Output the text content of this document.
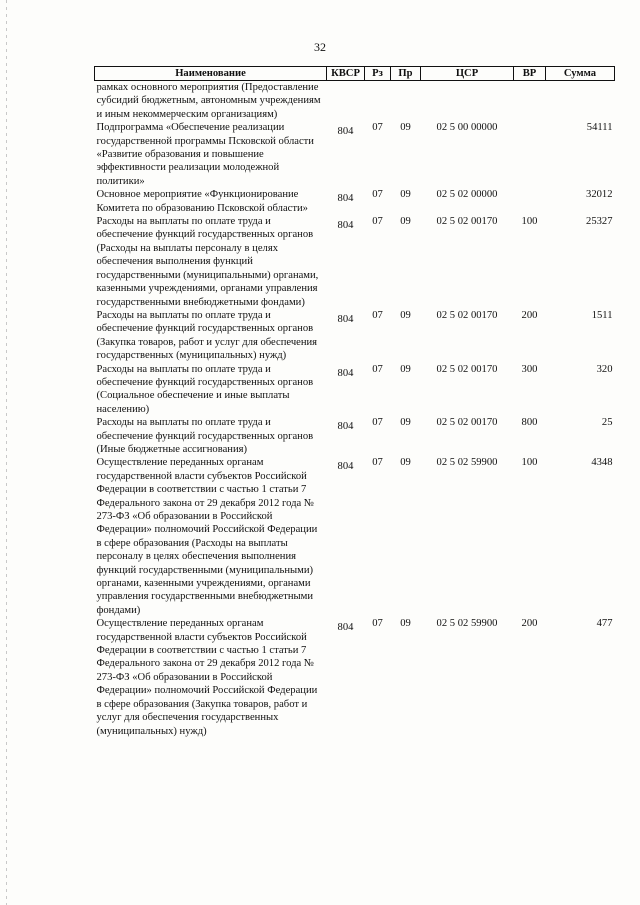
32
Наименование	КВСР	Рз	Пр	ЦСР	ВР	Сумма
рамках основного мероприятия (Предоставление субсидий бюджетным, автономным учреждениям и иным некоммерческим организациям)						
Подпрограмма «Обеспечение реализации государственной программы Псковской области «Развитие образования и повышение эффективности реализации молодежной политики»	804	07	09	02 5 00 00000		54111
Основное мероприятие «Функционирование Комитета по образованию Псковской области»	804	07	09	02 5 02 00000		32012
Расходы на выплаты по оплате труда и обеспечение функций государственных органов (Расходы на выплаты персоналу в целях обеспечения выполнения функций государственными (муниципальными) органами, казенными учреждениями, органами управления государственными внебюджетными фондами)	804	07	09	02 5 02 00170	100	25327
Расходы на выплаты по оплате труда и обеспечение функций государственных органов (Закупка товаров, работ и услуг для обеспечения государственных (муниципальных) нужд)	804	07	09	02 5 02 00170	200	1511
Расходы на выплаты по оплате труда и обеспечение функций государственных органов (Социальное обеспечение и иные выплаты населению)	804	07	09	02 5 02 00170	300	320
Расходы на выплаты по оплате труда и обеспечение функций государственных органов (Иные бюджетные ассигнования)	804	07	09	02 5 02 00170	800	25
Осуществление переданных органам государственной власти субъектов Российской Федерации в соответствии с частью 1 статьи 7 Федерального закона от 29 декабря 2012 года № 273-ФЗ «Об образовании в Российской Федерации» полномочий Российской Федерации в сфере образования (Расходы на выплаты персоналу в целях обеспечения выполнения функций государственными (муниципальными) органами, казенными учреждениями, органами управления государственными внебюджетными фондами)	804	07	09	02 5 02 59900	100	4348
Осуществление переданных органам государственной власти субъектов Российской Федерации в соответствии с частью 1 статьи 7 Федерального закона от 29 декабря 2012 года № 273-ФЗ «Об образовании в Российской Федерации» полномочий Российской Федерации в сфере образования (Закупка товаров, работ и услуг для обеспечения государственных (муниципальных) нужд)	804	07	09	02 5 02 59900	200	477
